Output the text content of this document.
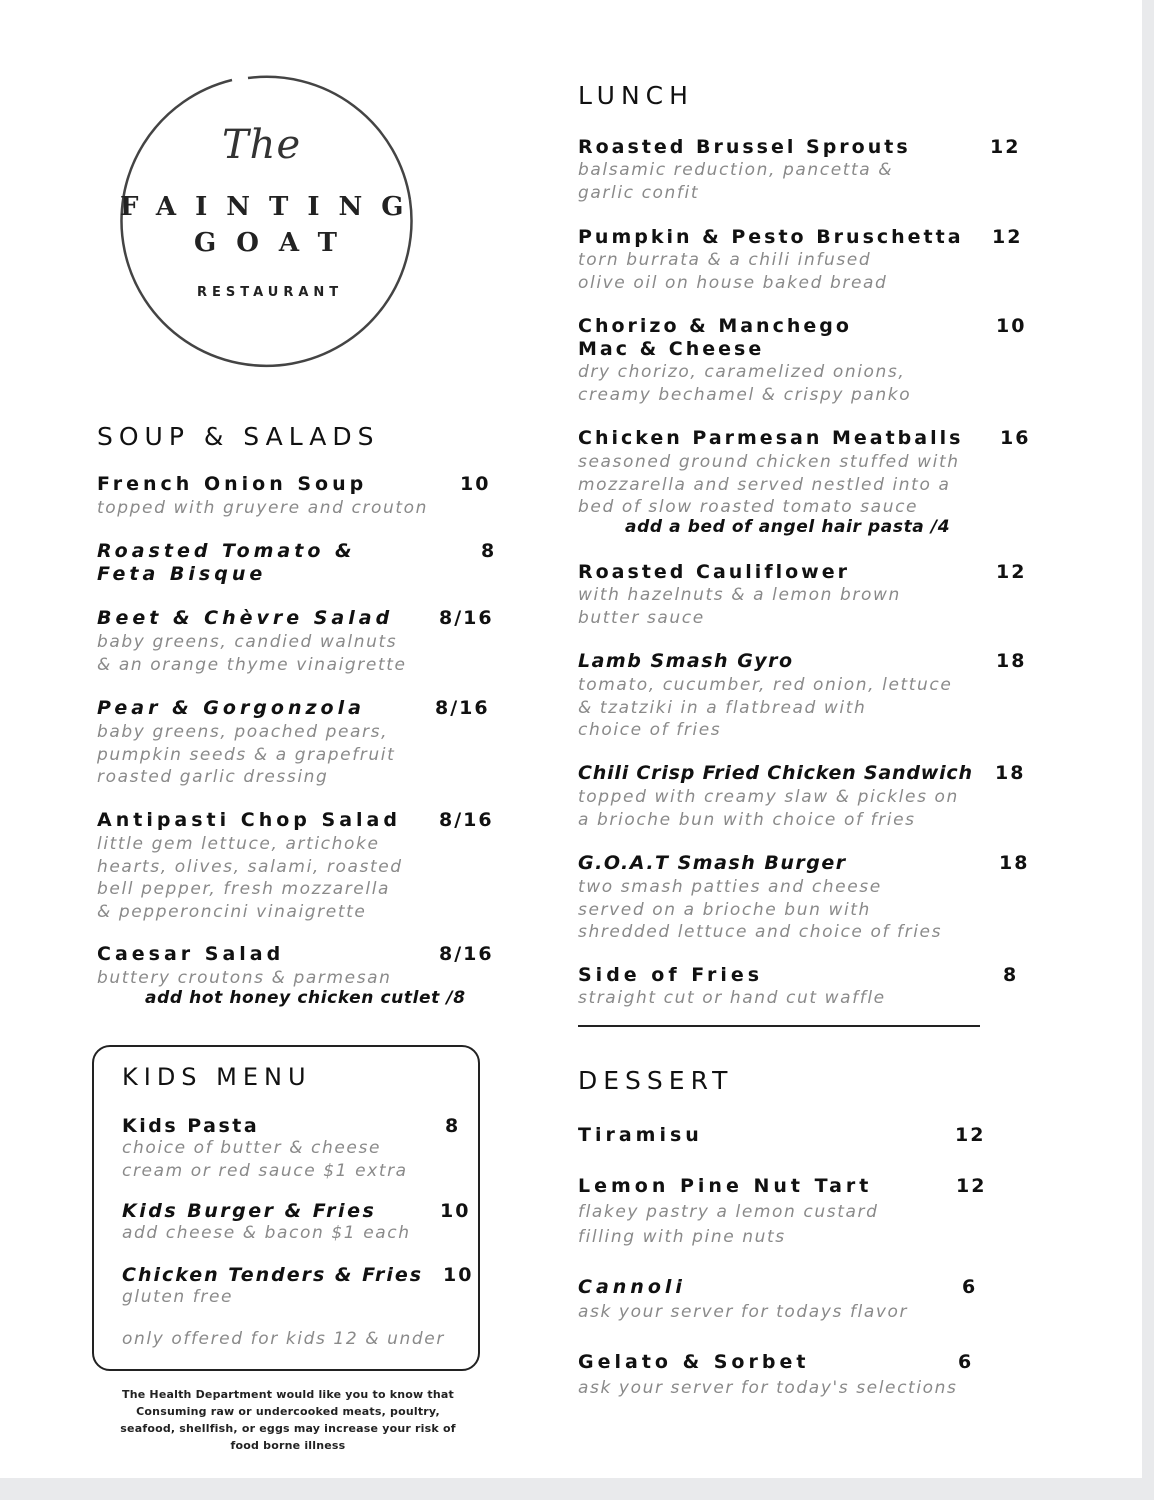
The
FAINTING
GOAT
RESTAURANT
SOUP & SALADS
French Onion Soup	10
topped with gruyere and crouton
Roasted Tomato &
Feta Bisque
8
Beet & Chèvre Salad 8/16
baby greens, candied walnuts
& an orange thyme vinaigrette
Pear & Gorgonzola	8/16
baby greens, poached pears,
pumpkin seeds & a grapefruit
roasted garlic dressing
Antipasti Chop Salad 8/16
little gem lettuce, artichoke
hearts, olives, salami, roasted
bell pepper, fresh mozzarella
& pepperoncini vinaigrette
Caesar Salad	8/16
buttery croutons & parmesan
add hot honey chicken cutlet /8
KIDS MENU
Kids Pasta	8
choice of butter & cheese
cream or red sauce $1 extra
Kids Burger & Fries	10
add cheese & bacon $1 each
Chicken Tenders & Fries 10
gluten free
only offered for kids 12 & under
The Health Department would like you to know that
Consuming raw or undercooked meats, poultry,
seafood, shellfish, or eggs may increase your risk of
food borne illness
LUNCH
Roasted Brussel Sprouts	12
balsamic reduction, pancetta &
garlic confit
Pumpkin & Pesto Bruschetta 12
torn burrata & a chili infused
olive oil on house baked bread
Chorizo & Manchego
Mac & Cheese
10
dry chorizo, caramelized onions,
creamy bechamel & crispy panko
Chicken Parmesan Meatballs 16
seasoned ground chicken stuffed with
mozzarella and served nestled into a
bed of slow roasted tomato sauce
add a bed of angel hair pasta /4
Roasted Cauliflower	12
with hazelnuts & a lemon brown
butter sauce
Lamb Smash Gyro	18
tomato, cucumber, red onion, lettuce
& tzatziki in a flatbread with
choice of fries
Chili Crisp Fried Chicken Sandwich 18
topped with creamy slaw & pickles on
a brioche bun with choice of fries
G.O.A.T Smash Burger	18
two smash patties and cheese
served on a brioche bun with
shredded lettuce and choice of fries
Side of Fries	8
straight cut or hand cut waffle
DESSERT
Tiramisu	12
Lemon Pine Nut Tart	12
flakey pastry a lemon custard
filling with pine nuts
Cannoli	6
ask your server for todays flavor
Gelato & Sorbet	6
ask your server for today's selections
